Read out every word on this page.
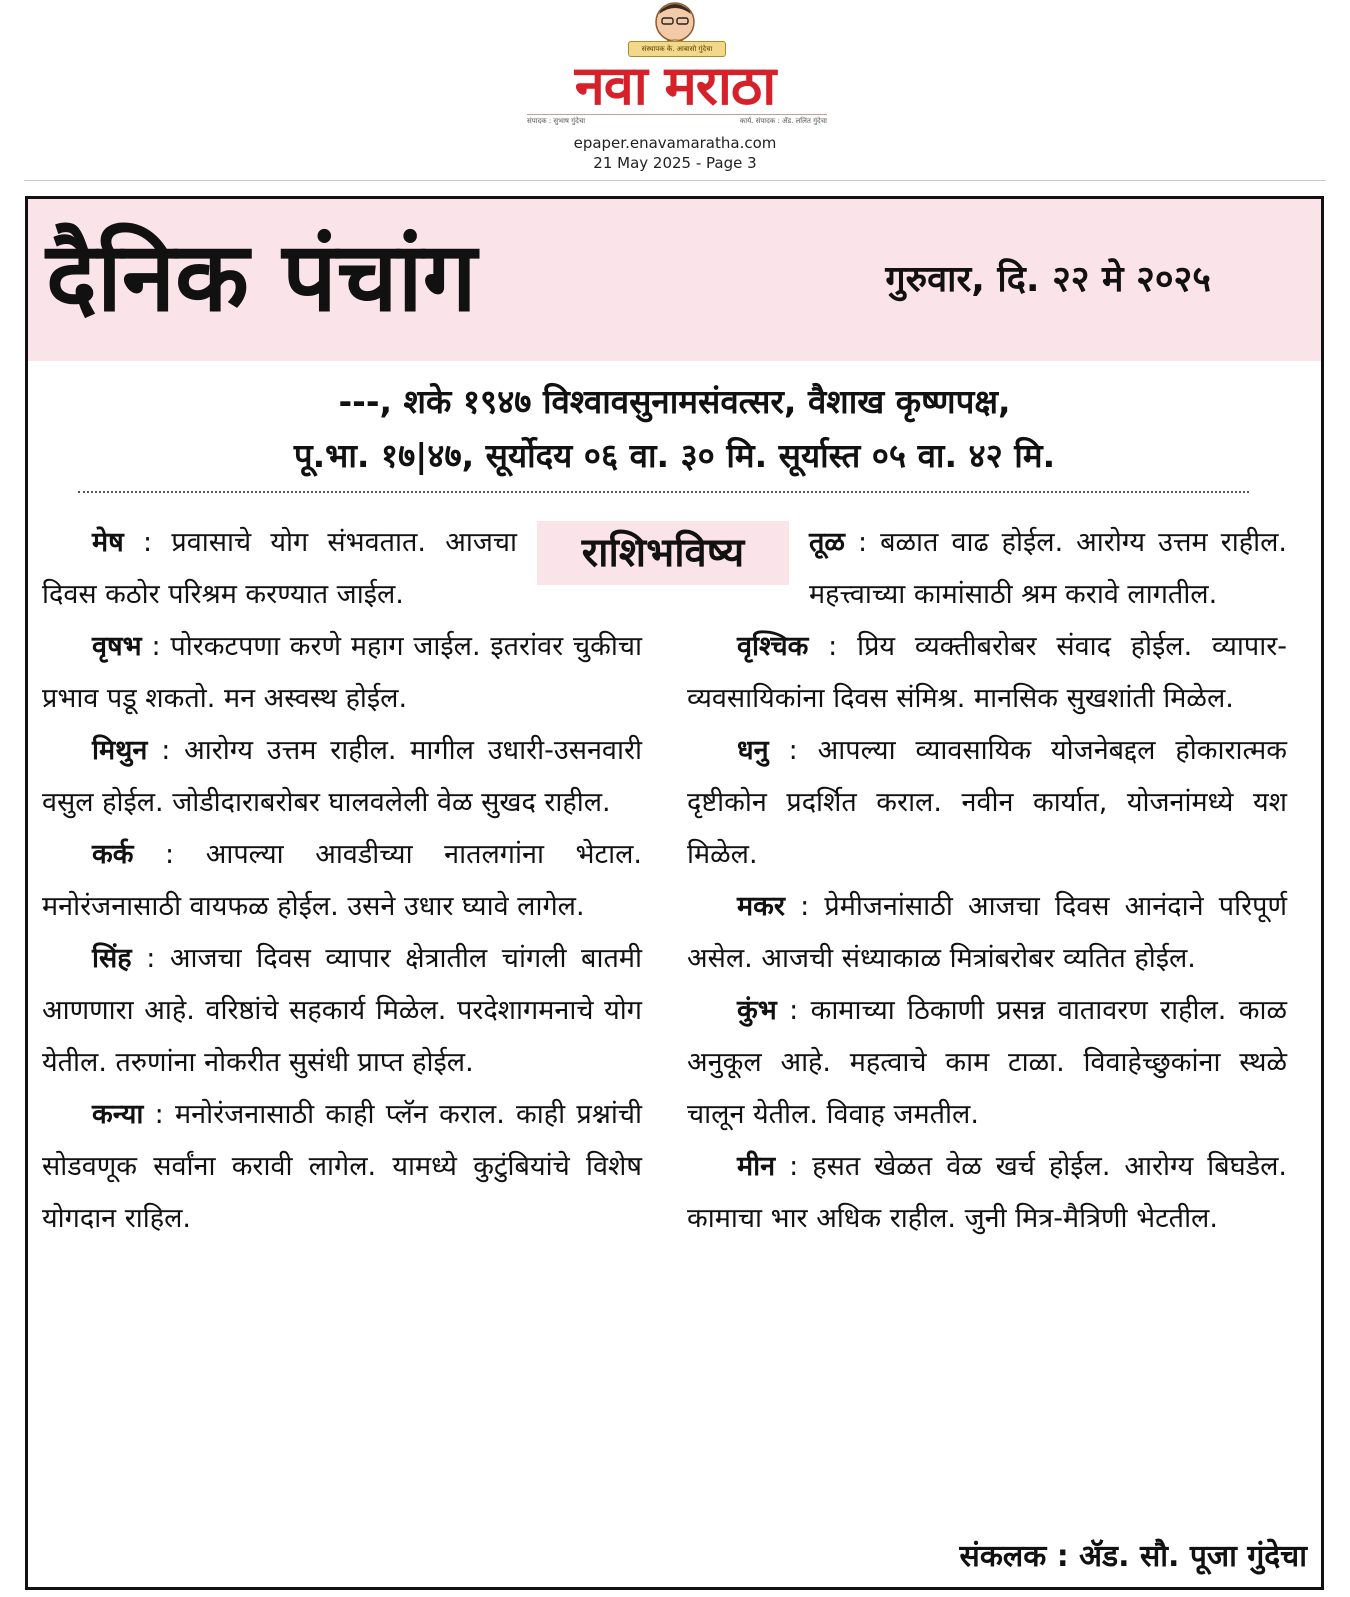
संस्थापक के. आबासो गुंदेचा
नवा मराठा
संपादक : सुभाष गुंदेचा	कार्य. संपादक : ॲड. ललित गुंदेचा
epaper.enavamaratha.com
21 May 2025 - Page 3
दैनिक पंचांग	गुरुवार, दि. २२ मे २०२५
---, शके १९४७ विश्वावसुनामसंवत्सर, वैशाख कृष्णपक्ष,
पू.भा. १७|४७, सूर्योदय ०६ वा. ३० मि. सूर्यास्त ०५ वा. ४२ मि.
राशिभविष्य

मेष : प्रवासाचे योग संभवतात. आजचा दिवस कठोर परिश्रम करण्यात जाईल.

वृषभ : पोरकटपणा करणे महाग जाईल. इतरांवर चुकीचा प्रभाव पडू शकतो. मन अस्वस्थ होईल.

मिथुन : आरोग्य उत्तम राहील. मागील उधारी-उसनवारी वसुल होईल. जोडीदाराबरोबर घालवलेली वेळ सुखद राहील.

कर्क : आपल्या आवडीच्या नातलगांना भेटाल. मनोरंजनासाठी वायफळ होईल. उसने उधार घ्यावे लागेल.

सिंह : आजचा दिवस व्यापार क्षेत्रातील चांगली बातमी आणणारा आहे. वरिष्ठांचे सहकार्य मिळेल. परदेशागमनाचे योग येतील. तरुणांना नोकरीत सुसंधी प्राप्त होईल.

कन्या : मनोरंजनासाठी काही प्लॅन कराल. काही प्रश्नांची सोडवणूक सर्वांना करावी लागेल. यामध्ये कुटुंबियांचे विशेष योगदान राहिल.

तूळ : बळात वाढ होईल. आरोग्य उत्तम राहील. महत्त्वाच्या कामांसाठी श्रम करावे लागतील.

वृश्चिक : प्रिय व्यक्तीबरोबर संवाद होईल. व्यापार-व्यवसायिकांना दिवस संमिश्र. मानसिक सुखशांती मिळेल.

धनु : आपल्या व्यावसायिक योजनेबद्दल होकारात्मक दृष्टीकोन प्रदर्शित कराल. नवीन कार्यात, योजनांमध्ये यश मिळेल.

मकर : प्रेमीजनांसाठी आजचा दिवस आनंदाने परिपूर्ण असेल. आजची संध्याकाळ मित्रांबरोबर व्यतित होईल.

कुंभ : कामाच्या ठिकाणी प्रसन्न वातावरण राहील. काळ अनुकूल आहे. महत्वाचे काम टाळा. विवाहेच्छुकांना स्थळे चालून येतील. विवाह जमतील.

मीन : हसत खेळत वेळ खर्च होईल. आरोग्य बिघडेल. कामाचा भार अधिक राहील. जुनी मित्र-मैत्रिणी भेटतील.

संकलक : ॲड. सौ. पूजा गुंदेचा
